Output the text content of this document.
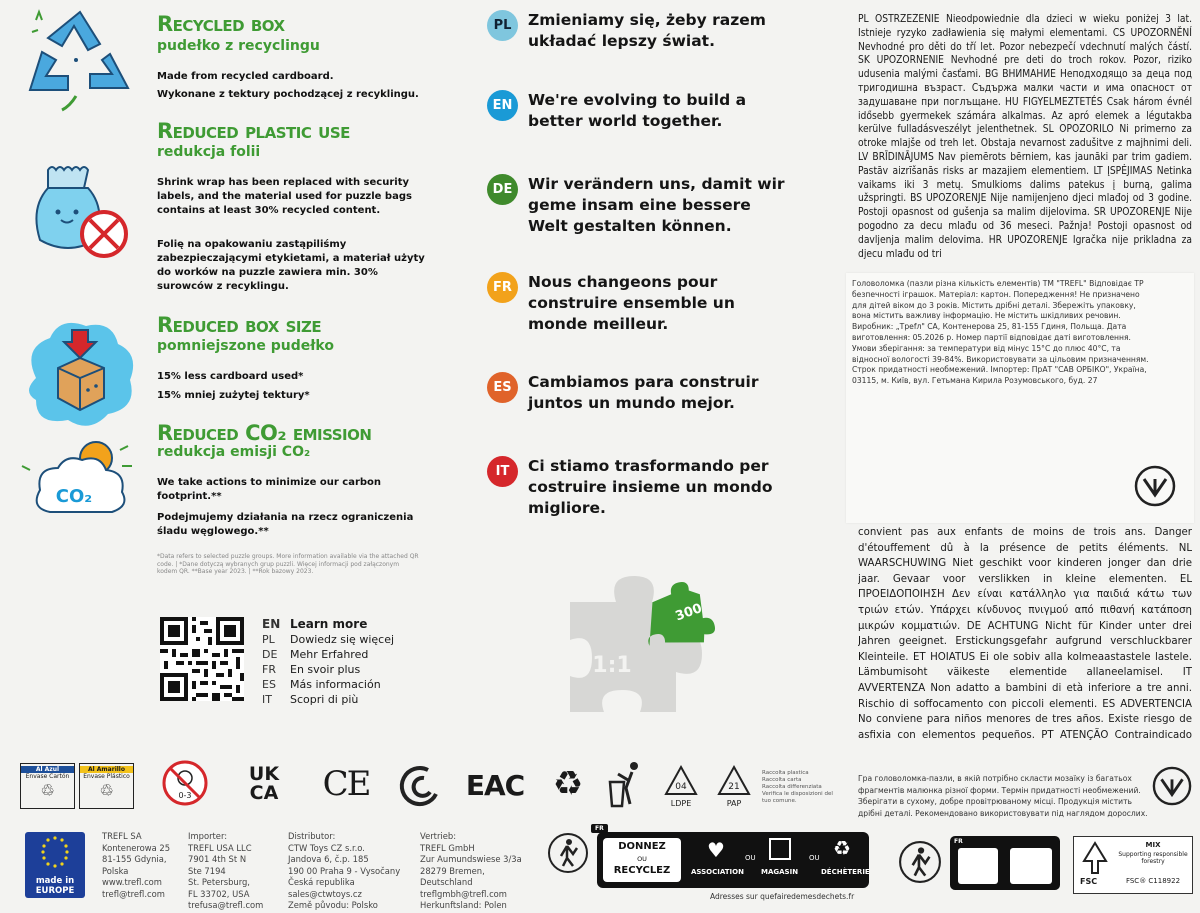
Recycled box
pudełko z recyclingu
Made from recycled cardboard.
Wykonane z tektury pochodzącej z recyklingu.
Reduced plastic use
redukcja folii
Shrink wrap has been replaced with security labels, and the material used for puzzle bags contains at least 30% recycled content.
Folię na opakowaniu zastąpiliśmy zabezpieczającymi etykietami, a materiał użyty do worków na puzzle zawiera min. 30% surowców z recyklingu.
Reduced box size
pomniejszone pudełko
15% less cardboard used*
15% mniej zużytej tektury*
CO₂
Reduced CO₂ emission
redukcja emisji CO₂
We take actions to minimize our carbon footprint.**
Podejmujemy działania na rzecz ograniczenia śladu węglowego.**
*Data refers to selected puzzle groups. More information available via the attached QR code. | *Dane dotyczą wybranych grup puzzli. Więcej informacji pod załączonym kodem QR. **Base year 2023. | **Rok bazowy 2023.
EN Learn more
PL	Dowiedz się więcej
DE	Mehr Erfahred
FR	En svoir plus
ES	Más información
IT	Scopri di più
PL	Zmieniamy się, żeby razem układać lepszy świat.
EN	We're evolving to build a better world together.
DE	Wir verändern uns, damit wir geme insam eine bessere Welt gestalten können.
FR	Nous changeons pour construire ensemble un monde meilleur.
ES	Cambiamos para construir juntos un mundo mejor.
IT	Ci stiamo trasformando per costruire insieme un mondo migliore.
1:1
300
PL OSTRZEŻENIE Nieodpowiednie dla dzieci w wieku poniżej 3 lat. Istnieje ryzyko zadławienia się małymi elementami. CS UPOZORNĚNÍ Nevhodné pro děti do tří let. Pozor nebezpečí vdechnutí malých částí. SK UPOZORNENIE Nevhodné pre deti do troch rokov. Pozor, riziko udusenia malými časťami. BG ВНИМАНИЕ Неподходящо за деца под тригодишна възраст. Съдържа малки части и има опасност от задушаване при поглъщане. HU FIGYELMEZTETÉS Csak három évnél idősebb gyermekek számára alkalmas. Az apró elemek a légutakba kerülve fulladásveszélyt jelenthetnek. SL OPOZORILO Ni primerno za otroke mlajše od treh let. Obstaja nevarnost zadušitve z majhnimi deli. LV BRĪDINĀJUMS Nav piemērots bērniem, kas jaunāki par trim gadiem. Pastāv aizrīšanās risks ar mazajiem elementiem. LT ĮSPĖJIMAS Netinka vaikams iki 3 metų. Smulkioms dalims patekus į burną, galima užspringti. BS UPOZORENJE Nije namijenjeno djeci mlađoj od 3 godine. Postoji opasnost od gušenja sa malim dijelovima. SR UPOZORENJE Nije pogodno za decu mlađu od 36 meseci. Pažnja! Postoji opasnost od davljenja malim delovima. HR UPOZORENJE Igračka nije prikladna za djecu mlađu od tri
Головоломка (пазли різна кількість елементів) ТМ "TREFL" Відповідає ТР безпечності іграшок. Матеріал: картон. Попередження! Не призначено для дітей віком до 3 років. Містить дрібні деталі. Збережіть упаковку, вона містить важливу інформацію. Не містить шкідливих речовин. Виробник: „Треfл" СА, Контенерова 25, 81-155 Гдиня, Польща. Дата виготовлення: 05.2026 р. Номер партії відповідає даті виготовлення. Умови зберігання: за температури від мінус 15°С до плюс 40°С, та відносної вологості 39-84%. Використовувати за цільовим призначенням. Строк придатності необмежений. Імпортер: ПрАТ "САВ ОРБІКО", Україна, 03115, м. Київ, вул. Гетьмана Кирила Розумовського, буд. 27
convient pas aux enfants de moins de trois ans. Danger d'étouffement dû à la présence de petits éléments. NL WAARSCHUWING Niet geschikt voor kinderen jonger dan drie jaar. Gevaar voor verslikken in kleine elementen. EL ΠΡΟΕΙΔΟΠΟΙΗΣΗ Δεν είναι κατάλληλο για παιδιά κάτω των τριών ετών. Υπάρχει κίνδυνος πνιγμού από πιθανή κατάποση μικρών κομματιών. DE ACHTUNG Nicht für Kinder unter drei Jahren geeignet. Erstickungsgefahr aufgrund verschluckbarer Kleinteile. ET HOIATUS Ei ole sobiv alla kolmeaastastele lastele. Lämbumisoht väikeste elementide allaneelamisel. IT AVVERTENZA Non adatto a bambini di età inferiore a tre anni. Rischio di soffocamento con piccoli elementi. ES ADVERTENCIA No conviene para niños menores de tres años. Existe riesgo de asfixia con elementos pequeños. PT ATENÇÃO Contraindicado
Al Azul
Envase Cartón
♲
Al Amarillo
Envase Plástico
♲	0-3
UK
CA CE	EAC ♻	04
LDPE
21
PAP
Raccolta plastica
Raccolta carta
Raccolta differenziata
Verifica le disposizioni del tuo comune.
Гра головоломка-пазли, в якій потрібно скласти мозаїку із багатьох фрагментів малюнка різної форми. Термін придатності необмежений. Зберігати в сухому, добре провітрюваному місці. Продукція містить дрібні деталі. Рекомендовано використовувати під наглядом дорослих.
made in EUROPE
TREFL SA
Kontenerowa 25
81-155 Gdynia,
Polska
www.trefl.com
trefl@trefl.com
Importer:
TREFL USA LLC
7901 4th St N
Ste 7194
St. Petersburg,
FL 33702, USA
trefusa@trefl.com
Distributor:
CTW Toys CZ s.r.o.
Jandova 6, č.p. 185
190 00 Praha 9 - Vysočany
Česká republika
sales@ctwtoys.cz
Země původu: Polsko
Vertrieb:
TREFL GmbH
Zur Aumundswiese 3/3a
28279 Bremen,
Deutschland
treflgmbh@trefl.com
Herkunftsland: Polen
DONNEZ
OU
RECYCLEZ
FR
♥
ASSOCIATION
OU
MAGASIN
OU ♻
DÉCHÈTERIE
Adresses sur quefairedemesdechets.fr
FR
FSC
MIX
Supporting responsible forestry
FSC® C118922
